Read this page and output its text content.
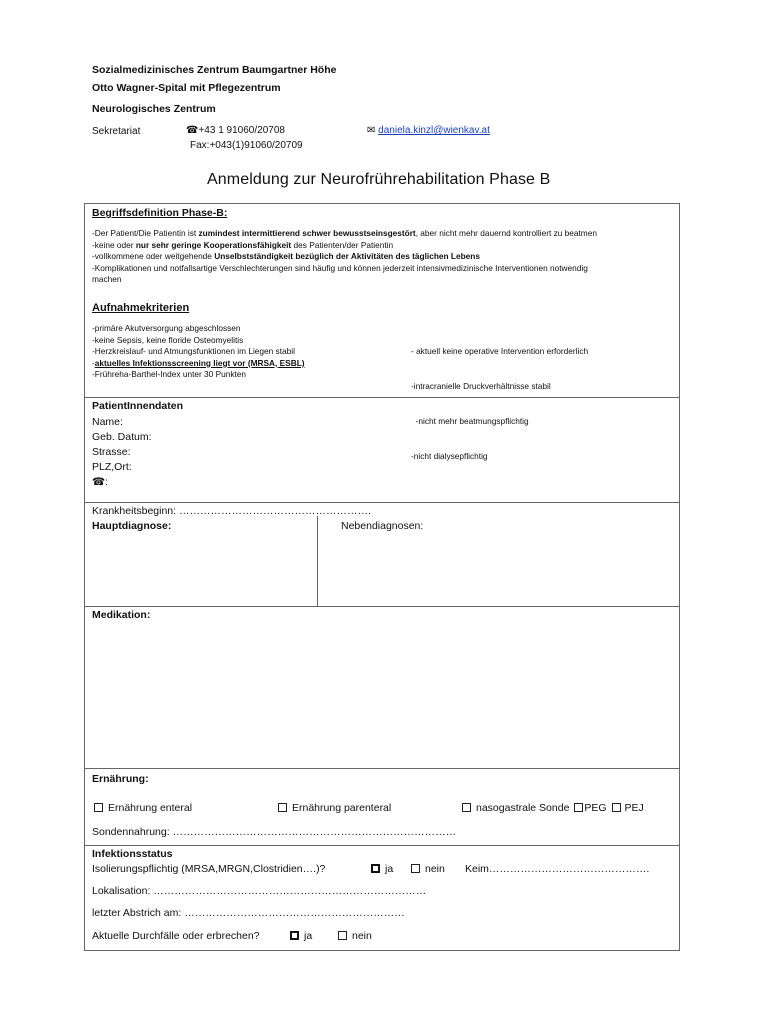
Sozialmedizinisches Zentrum Baumgartner Höhe
Otto Wagner-Spital mit Pflegezentrum
Neurologisches Zentrum
Sekretariat	☎+43 1 91060/20708
Fax:+043(1)91060/20709
✉ daniela.kinzl@wienkav.at
Anmeldung zur Neurofrührehabilitation Phase B
Begriffsdefinition Phase-B:
-Der Patient/Die Patientin ist zumindest intermittierend schwer bewusstseinsgestört, aber nicht mehr dauernd kontrolliert zu beatmen
-keine oder nur sehr geringe Kooperationsfähigkeit des Patienten/der Patientin
-vollkommene oder weitgehende Unselbstständigkeit bezüglich der Aktivitäten des täglichen Lebens
-Komplikationen und notfallsartige Verschlechterungen sind häufig und können jederzeit intensivmedizinische Interventionen notwendig
machen
Aufnahmekriterien
-primäre Akutversorgung abgeschlossen
-keine Sepsis, keine floride Osteomyelitis
-Herzkreislauf- und Atmungsfunktionen im Liegen stabil
-aktuelles Infektionsscreening liegt vor (MRSA, ESBL)
-Frühreha-Barthel-Index unter 30 Punkten

- aktuell keine operative Intervention erforderlich

-intracranielle Druckverhältnisse stabil

-nicht mehr beatmungspflichtig

-nicht dialysepflichtig

PatientInnendaten
Name:
Geb. Datum:
Strasse:
PLZ,Ort:
☎:
Krankheitsbeginn: ……………………………………………….
Hauptdiagnose:	Nebendiagnosen:
Medikation:
Ernährung:
Ernährung enteral	Ernährung parenteral	nasogastrale Sonde PEG PEJ
Sondennahrung: ………………………………………………………………………
Infektionsstatus
Isolierungspflichtig (MRSA,MRGN,Clostridien….)?	ja	nein Keim……………………………………….
Lokalisation: ……………………………………………………………………
letzter Abstrich am: ………………………………………………………
Aktuelle Durchfälle oder erbrechen?	ja	nein
